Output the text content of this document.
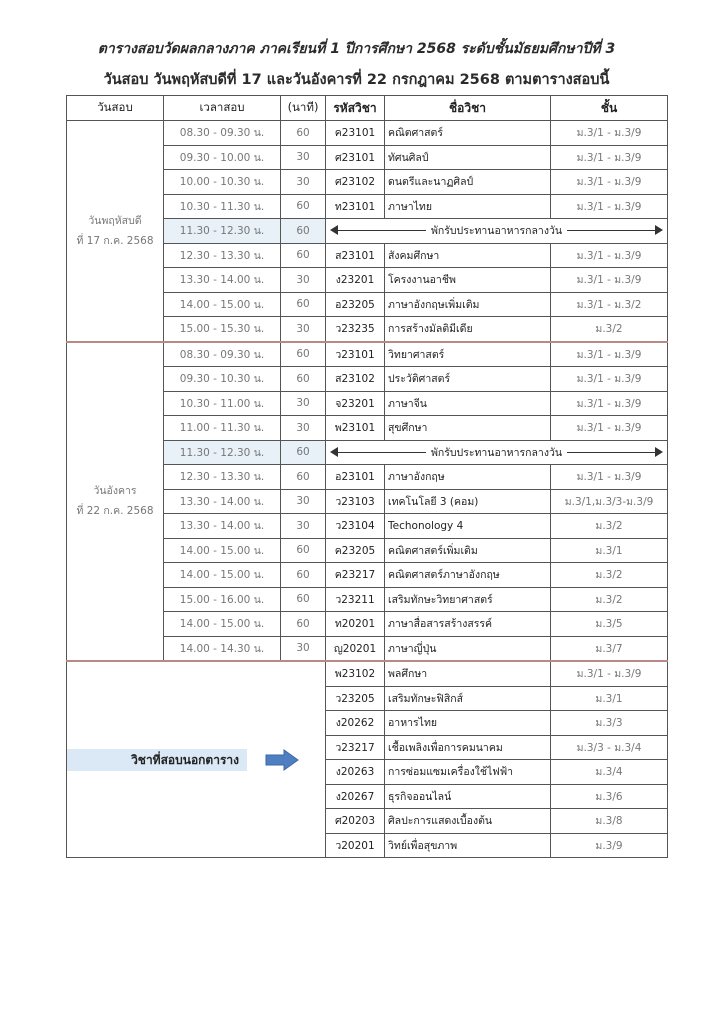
ตารางสอบวัดผลกลางภาค ภาคเรียนที่ 1 ปีการศึกษา 2568 ระดับชั้นมัธยมศึกษาปีที่ 3
วันสอบ วันพฤหัสบดีที่ 17 และวันอังคารที่ 22 กรกฎาคม 2568 ตามตารางสอบนี้
วันสอบ	เวลาสอบ	(นาที)	รหัสวิชา	ชื่อวิชา	ชั้น
วันพฤหัสบดี
ที่ 17 ก.ค. 2568	08.30 - 09.30 น.	60	ค23101	คณิตศาสตร์	ม.3/1 - ม.3/9
	09.30 - 10.00 น.	30	ศ23101	ทัศนศิลป์	ม.3/1 - ม.3/9
	10.00 - 10.30 น.	30	ศ23102	ดนตรีและนาฏศิลป์	ม.3/1 - ม.3/9
	10.30 - 11.30 น.	60	ท23101	ภาษาไทย	ม.3/1 - ม.3/9
	11.30 - 12.30 น.	60	พักรับประทานอาหารกลางวัน		
	12.30 - 13.30 น.	60	ส23101	สังคมศึกษา	ม.3/1 - ม.3/9
	13.30 - 14.00 น.	30	ง23201	โครงงานอาชีพ	ม.3/1 - ม.3/9
	14.00 - 15.00 น.	60	อ23205	ภาษาอังกฤษเพิ่มเติม	ม.3/1 - ม.3/2
	15.00 - 15.30 น.	30	ว23235	การสร้างมัลติมีเดีย	ม.3/2
วันอังคาร
ที่ 22 ก.ค. 2568	08.30 - 09.30 น.	60	ว23101	วิทยาศาสตร์	ม.3/1 - ม.3/9
	09.30 - 10.30 น.	60	ส23102	ประวัติศาสตร์	ม.3/1 - ม.3/9
	10.30 - 11.00 น.	30	จ23201	ภาษาจีน	ม.3/1 - ม.3/9
	11.00 - 11.30 น.	30	พ23101	สุขศึกษา	ม.3/1 - ม.3/9
	11.30 - 12.30 น.	60	พักรับประทานอาหารกลางวัน		
	12.30 - 13.30 น.	60	อ23101	ภาษาอังกฤษ	ม.3/1 - ม.3/9
	13.30 - 14.00 น.	30	ว23103	เทคโนโลยี 3 (คอม)	ม.3/1,ม.3/3-ม.3/9
	13.30 - 14.00 น.	30	ว23104	Techonology 4	ม.3/2
	14.00 - 15.00 น.	60	ค23205	คณิตศาสตร์เพิ่มเติม	ม.3/1
	14.00 - 15.00 น.	60	ค23217	คณิตศาสตร์ภาษาอังกฤษ	ม.3/2
	15.00 - 16.00 น.	60	ว23211	เสริมทักษะวิทยาศาสตร์	ม.3/2
	14.00 - 15.00 น.	60	ท20201	ภาษาสื่อสารสร้างสรรค์	ม.3/5
	14.00 - 14.30 น.	30	ญ20201	ภาษาญี่ปุ่น	ม.3/7

วิชาที่สอบนอกตาราง			พ23102	พลศึกษา	ม.3/1 - ม.3/9
			ว23205	เสริมทักษะฟิสิกส์	ม.3/1
			ง20262	อาหารไทย	ม.3/3
			ว23217	เชื้อเพลิงเพื่อการคมนาคม	ม.3/3 - ม.3/4
			ง20263	การซ่อมแซมเครื่องใช้ไฟฟ้า	ม.3/4
			ง20267	ธุรกิจออนไลน์	ม.3/6
			ศ20203	ศิลปะการแสดงเบื้องต้น	ม.3/8
			ว20201	วิทย์เพื่อสุขภาพ	ม.3/9
